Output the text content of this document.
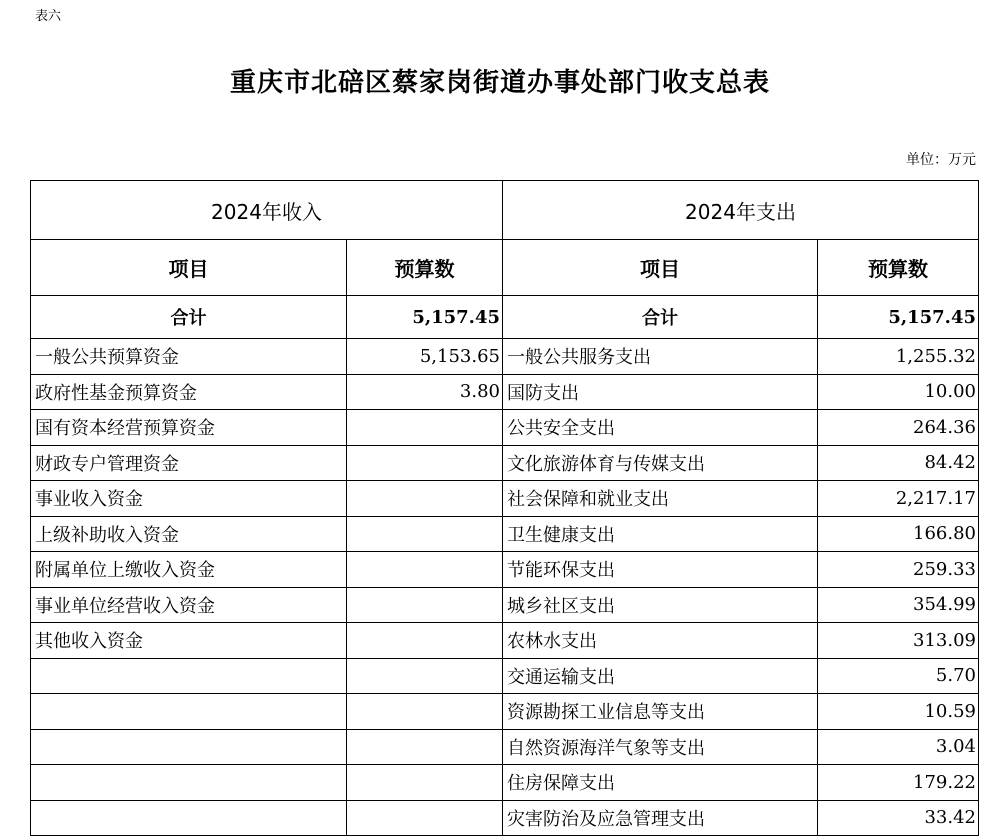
表六
重庆市北碚区蔡家岗街道办事处部门收支总表
单位：万元
2024年收入		2024年支出	
项目	预算数	项目	预算数
合计	5,157.45	合计	5,157.45
一般公共预算资金	5,153.65	一般公共服务支出	1,255.32
政府性基金预算资金	3.80	国防支出	10.00
国有资本经营预算资金		公共安全支出	264.36
财政专户管理资金		文化旅游体育与传媒支出	84.42
事业收入资金		社会保障和就业支出	2,217.17
上级补助收入资金		卫生健康支出	166.80
附属单位上缴收入资金		节能环保支出	259.33
事业单位经营收入资金		城乡社区支出	354.99
其他收入资金		农林水支出	313.09
		交通运输支出	5.70
		资源勘探工业信息等支出	10.59
		自然资源海洋气象等支出	3.04
		住房保障支出	179.22
		灾害防治及应急管理支出	33.42
